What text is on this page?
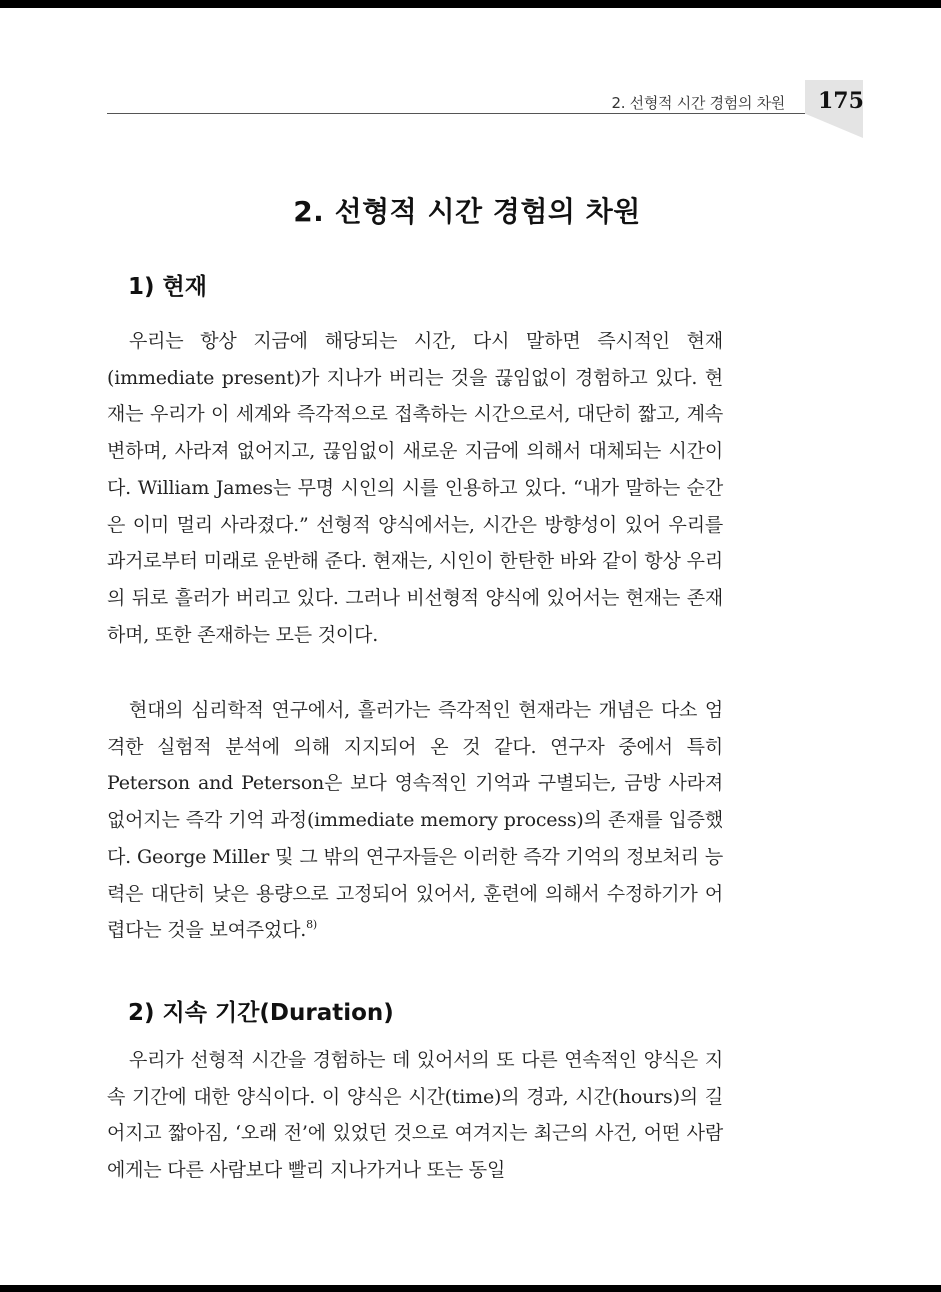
2. 선형적 시간 경험의 차원 175
2. 선형적 시간 경험의 차원
1) 현재

우리는 항상 지금에 해당되는 시간, 다시 말하면 즉시적인 현재(immediate present)가 지나가 버리는 것을 끊임없이 경험하고 있다. 현재는 우리가 이 세계와 즉각적으로 접촉하는 시간으로서, 대단히 짧고, 계속 변하며, 사라져 없어지고, 끊임없이 새로운 지금에 의해서 대체되는 시간이다. William James는 무명 시인의 시를 인용하고 있다. “내가 말하는 순간은 이미 멀리 사라졌다.” 선형적 양식에서는, 시간은 방향성이 있어 우리를 과거로부터 미래로 운반해 준다. 현재는, 시인이 한탄한 바와 같이 항상 우리의 뒤로 흘러가 버리고 있다. 그러나 비선형적 양식에 있어서는 현재는 존재하며, 또한 존재하는 모든 것이다.

현대의 심리학적 연구에서, 흘러가는 즉각적인 현재라는 개념은 다소 엄격한 실험적 분석에 의해 지지되어 온 것 같다. 연구자 중에서 특히 Peterson and Peterson은 보다 영속적인 기억과 구별되는, 금방 사라져 없어지는 즉각 기억 과정(immediate memory process)의 존재를 입증했다. George Miller 및 그 밖의 연구자들은 이러한 즉각 기억의 정보처리 능력은 대단히 낮은 용량으로 고정되어 있어서, 훈련에 의해서 수정하기가 어렵다는 것을 보여주었다.$^{8)}$

2) 지속 기간(Duration)

우리가 선형적 시간을 경험하는 데 있어서의 또 다른 연속적인 양식은 지속 기간에 대한 양식이다. 이 양식은 시간(time)의 경과, 시간(hours)의 길어지고 짧아짐, ‘오래 전’에 있었던 것으로 여겨지는 최근의 사건, 어떤 사람에게는 다른 사람보다 빨리 지나가거나 또는 동일
